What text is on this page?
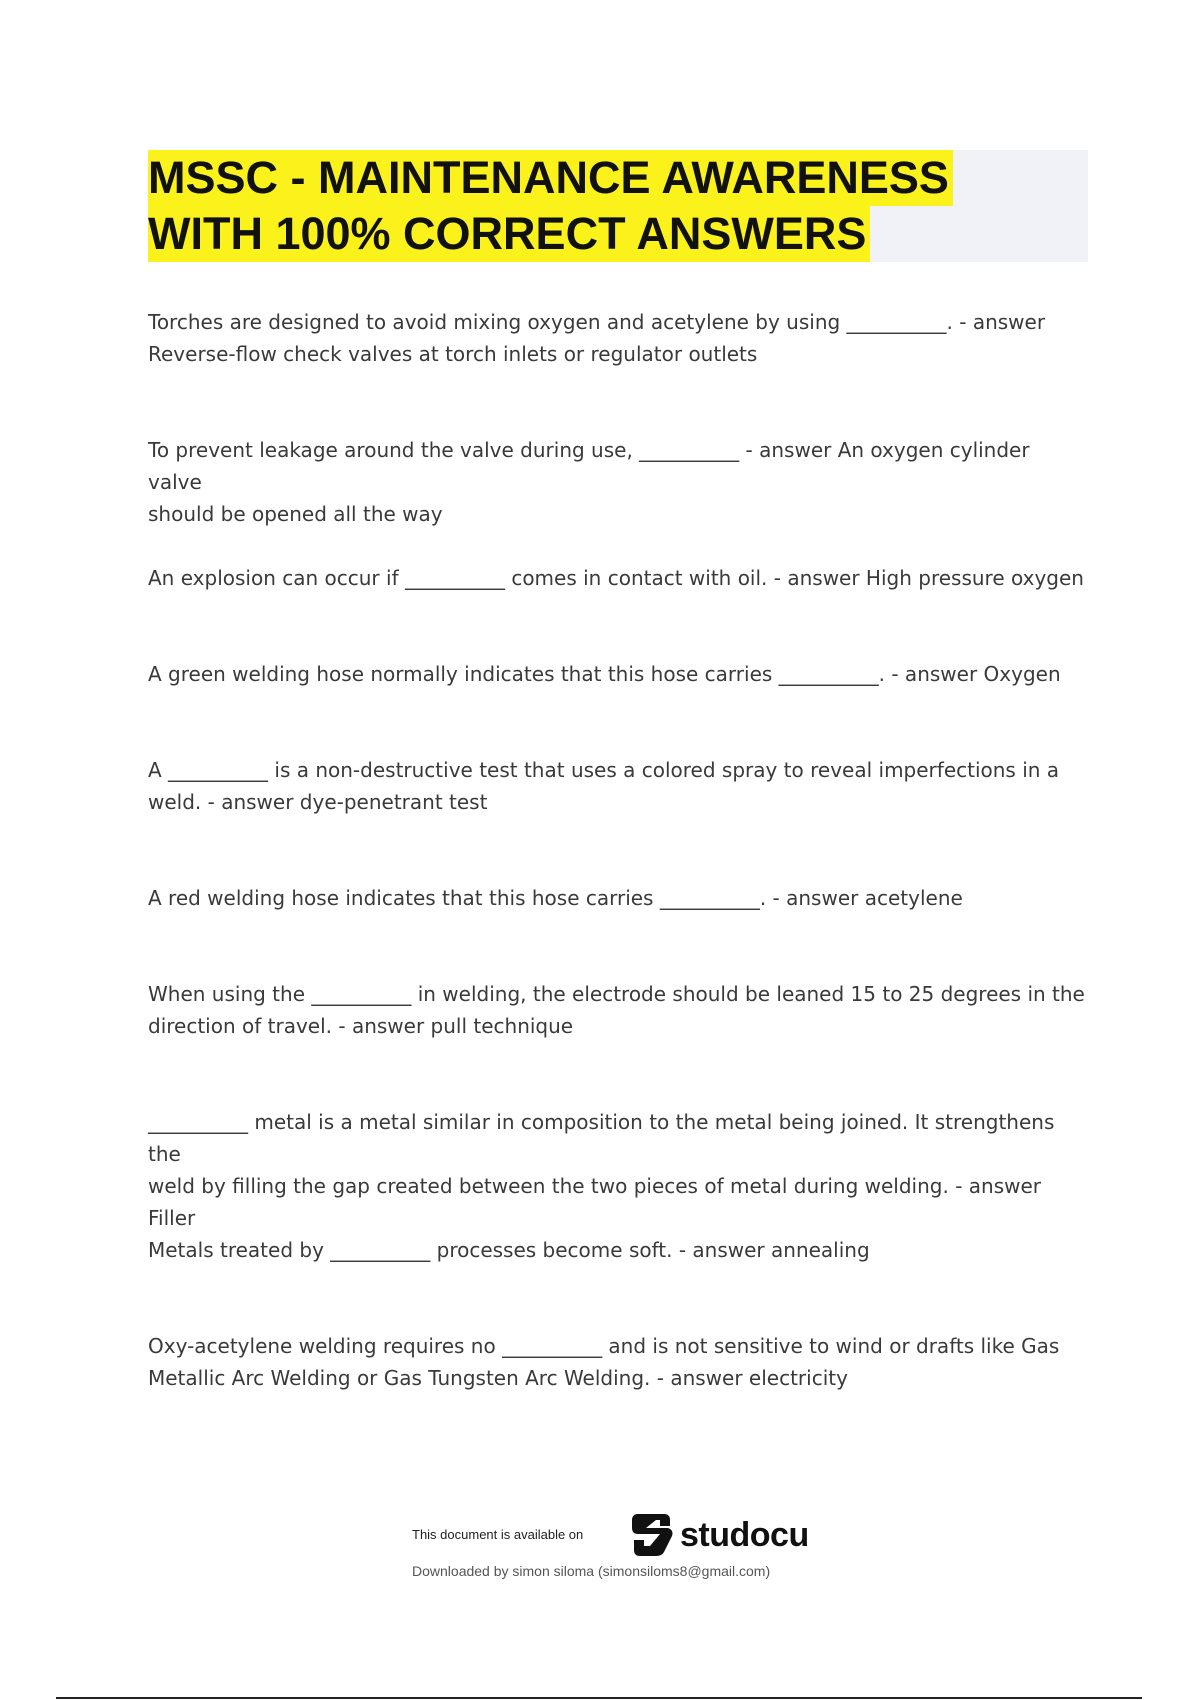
MSSC - MAINTENANCE AWARENESS
WITH 100% CORRECT ANSWERS
Torches are designed to avoid mixing oxygen and acetylene by using __________. - answer
Reverse-flow check valves at torch inlets or regulator outlets
To prevent leakage around the valve during use, __________ - answer An oxygen cylinder valve
should be opened all the way
An explosion can occur if __________ comes in contact with oil. - answer High pressure oxygen
A green welding hose normally indicates that this hose carries __________. - answer Oxygen
A __________ is a non-destructive test that uses a colored spray to reveal imperfections in a
weld. - answer dye-penetrant test
A red welding hose indicates that this hose carries __________. - answer acetylene
When using the __________ in welding, the electrode should be leaned 15 to 25 degrees in the
direction of travel. - answer pull technique
__________ metal is a metal similar in composition to the metal being joined. It strengthens the
weld by filling the gap created between the two pieces of metal during welding. - answer Filler
Metals treated by __________ processes become soft. - answer annealing
Oxy-acetylene welding requires no __________ and is not sensitive to wind or drafts like Gas
Metallic Arc Welding or Gas Tungsten Arc Welding. - answer electricity
This document is available on	studocu
Downloaded by simon siloma (simonsiloms8@gmail.com)
